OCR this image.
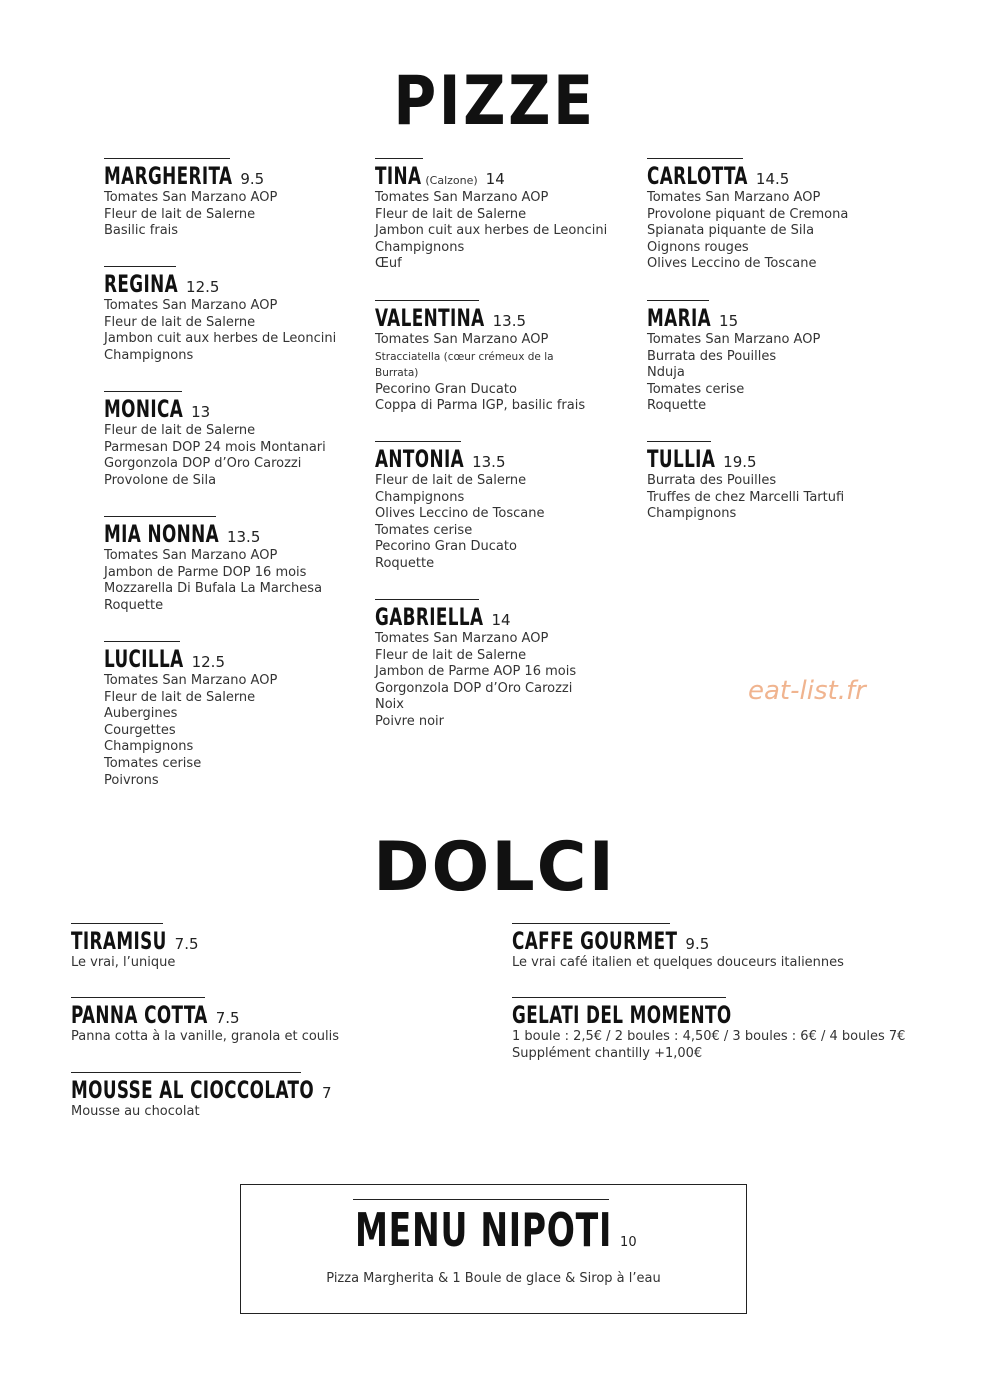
PIZZE
DOLCI
MARGHERITA 9.5
Tomates San Marzano AOP
Fleur de lait de Salerne
Basilic frais
REGINA 12.5
Tomates San Marzano AOP
Fleur de lait de Salerne
Jambon cuit aux herbes de Leoncini
Champignons
MONICA 13
Fleur de lait de Salerne
Parmesan DOP 24 mois Montanari
Gorgonzola DOP d’Oro Carozzi
Provolone de Sila
MIA NONNA 13.5
Tomates San Marzano AOP
Jambon de Parme DOP 16 mois
Mozzarella Di Bufala La Marchesa
Roquette
LUCILLA 12.5
Tomates San Marzano AOP
Fleur de lait de Salerne
Aubergines
Courgettes
Champignons
Tomates cerise
Poivrons
TINA (Calzone) 14
Tomates San Marzano AOP
Fleur de lait de Salerne
Jambon cuit aux herbes de Leoncini
Champignons
Œuf
VALENTINA 13.5
Tomates San Marzano AOP
Stracciatella (cœur crémeux de la
Burrata)
Pecorino Gran Ducato
Coppa di Parma IGP, basilic frais
ANTONIA 13.5
Fleur de lait de Salerne
Champignons
Olives Leccino de Toscane
Tomates cerise
Pecorino Gran Ducato
Roquette
GABRIELLA 14
Tomates San Marzano AOP
Fleur de lait de Salerne
Jambon de Parme AOP 16 mois
Gorgonzola DOP d’Oro Carozzi
Noix
Poivre noir
CARLOTTA 14.5
Tomates San Marzano AOP
Provolone piquant de Cremona
Spianata piquante de Sila
Oignons rouges
Olives Leccino de Toscane
MARIA 15
Tomates San Marzano AOP
Burrata des Pouilles
Nduja
Tomates cerise
Roquette
TULLIA 19.5
Burrata des Pouilles
Truffes de chez Marcelli Tartufi
Champignons
TIRAMISU 7.5
Le vrai, l’unique
PANNA COTTA 7.5
Panna cotta à la vanille, granola et coulis
MOUSSE AL CIOCCOLATO 7
Mousse au chocolat
CAFFE GOURMET 9.5
Le vrai café italien et quelques douceurs italiennes
GELATI DEL MOMENTO
1 boule : 2,5€ / 2 boules : 4,50€ / 3 boules : 6€ / 4 boules 7€
Supplément chantilly +1,00€
eat-list.fr
MENU NIPOTI 10
Pizza Margherita & 1 Boule de glace & Sirop à l’eau
